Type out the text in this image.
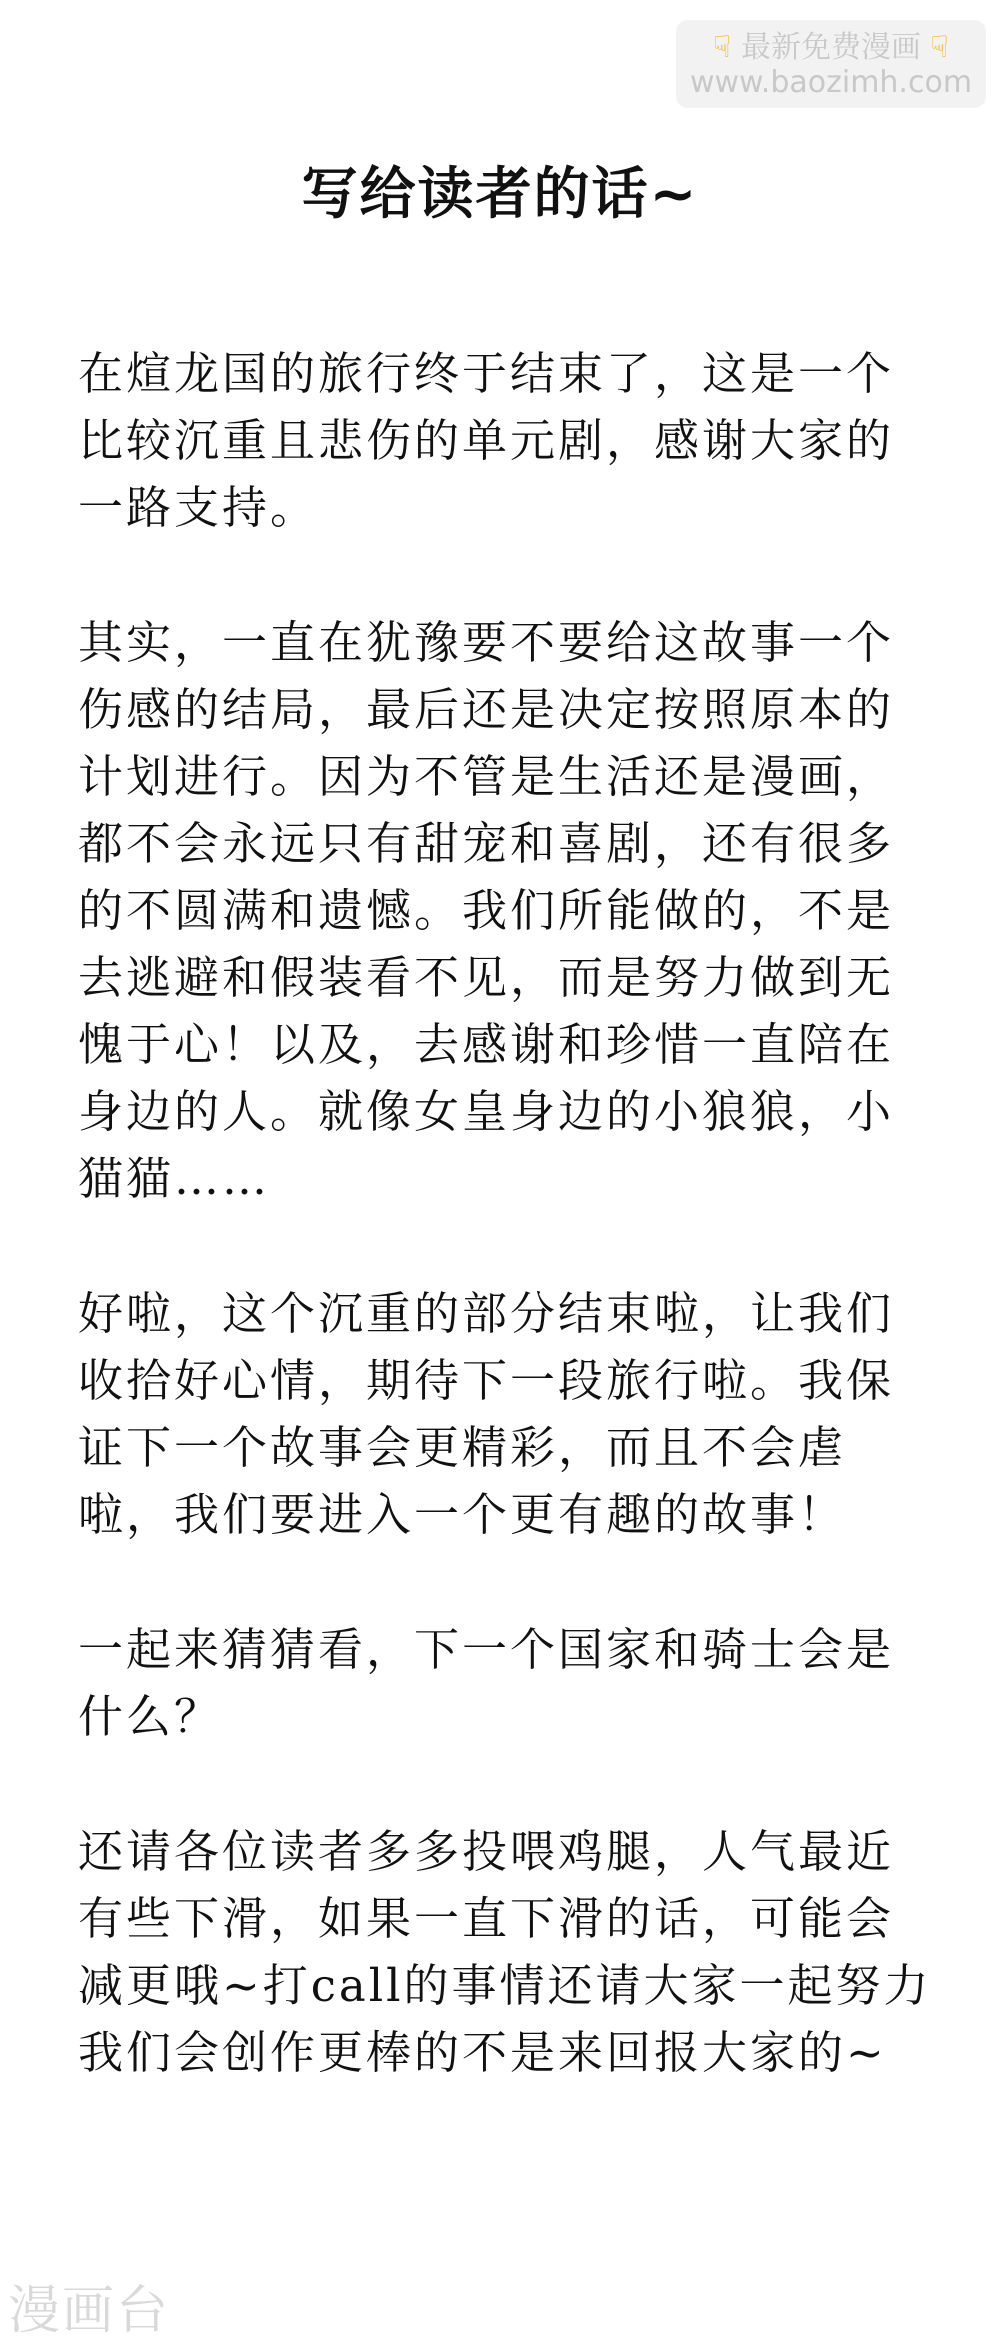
☟ 最新免费漫画 ☟
www.baozimh.com
写给读者的话~

在煊龙国的旅行终于结束了，这是一个比较沉重且悲伤的单元剧，感谢大家的一路支持。

其实，一直在犹豫要不要给这故事一个伤感的结局，最后还是决定按照原本的计划进行。因为不管是生活还是漫画，都不会永远只有甜宠和喜剧，还有很多的不圆满和遗憾。我们所能做的，不是去逃避和假装看不见，而是努力做到无愧于心！以及，去感谢和珍惜一直陪在身边的人。就像女皇身边的小狼狼，小猫猫……

好啦，这个沉重的部分结束啦，让我们收拾好心情，期待下一段旅行啦。我保证下一个故事会更精彩，而且不会虐啦，我们要进入一个更有趣的故事！

一起来猜猜看，下一个国家和骑士会是什么？

还请各位读者多多投喂鸡腿，人气最近有些下滑，如果一直下滑的话，可能会减更哦~打call的事情还请大家一起努力我们会创作更棒的不是来回报大家的~

漫画台
